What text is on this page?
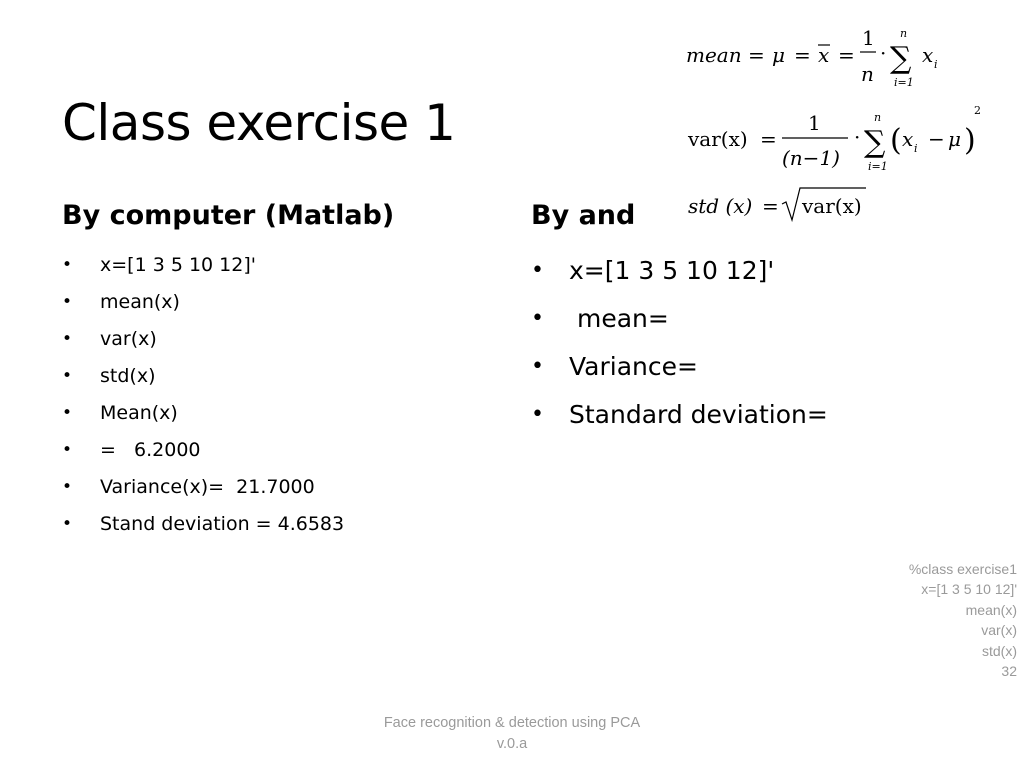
Class exercise 1
By computer (Matlab)
• x=[1 3 5 10 12]'
• mean(x)
• var(x)
• std(x)
• Mean(x)
• =   6.2000
• Variance(x)=  21.7000
• Stand deviation = 4.6583
By and
• x=[1 3 5 10 12]'
• mean=
• Variance=
• Standard deviation=
mean = μ = x =
1
n
·
n
∑
i=1
x i
var(x) =
1
(n−1)
·
n
∑
i=1
( x i − μ )
2
std (x) = var(x)
%class exercise1
x=[1 3 5 10 12]'
mean(x)
var(x)
std(x)
32
Face recognition & detection using PCA
v.0.a
